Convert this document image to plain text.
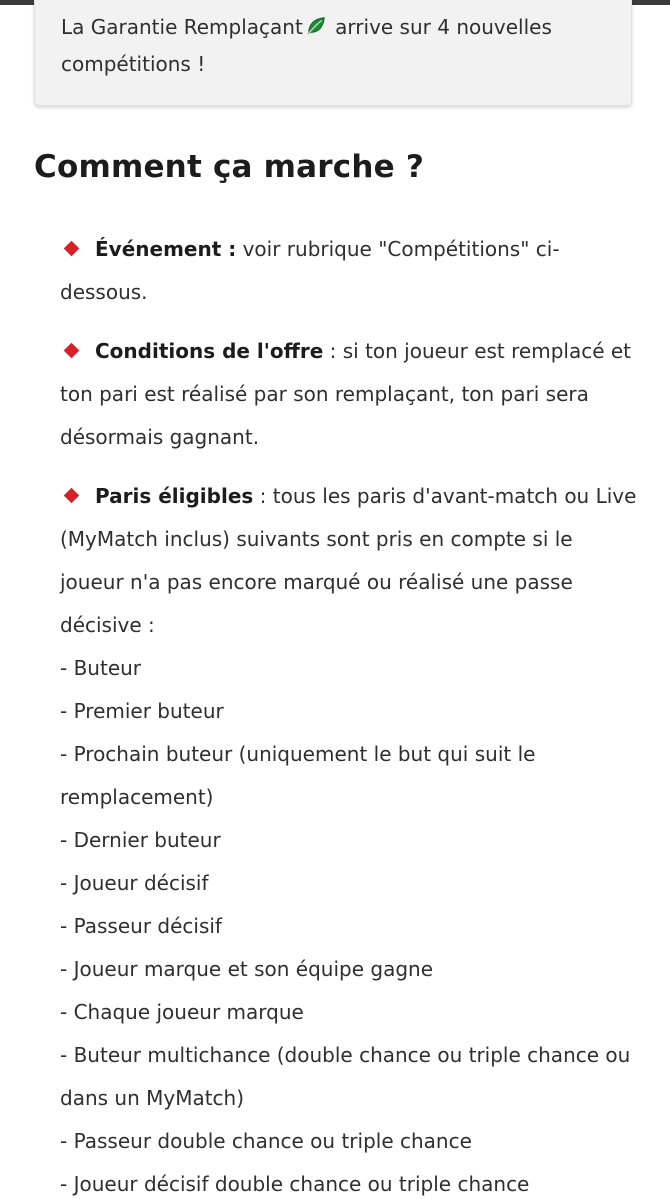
La Garantie Remplaçant arrive sur 4 nouvelles compétitions !
Comment ça marche ?

Événement : voir rubrique "Compétitions" ci-dessous.

Conditions de l'offre : si ton joueur est remplacé et ton pari est réalisé par son remplaçant, ton pari sera désormais gagnant.

Paris éligibles : tous les paris d'avant-match ou Live (MyMatch inclus) suivants sont pris en compte si le joueur n'a pas encore marqué ou réalisé une passe décisive :

- Buteur
- Premier buteur
- Prochain buteur (uniquement le but qui suit le remplacement)
- Dernier buteur
- Joueur décisif
- Passeur décisif
- Joueur marque et son équipe gagne
- Chaque joueur marque
- Buteur multichance (double chance ou triple chance ou dans un MyMatch)
- Passeur double chance ou triple chance
- Joueur décisif double chance ou triple chance
